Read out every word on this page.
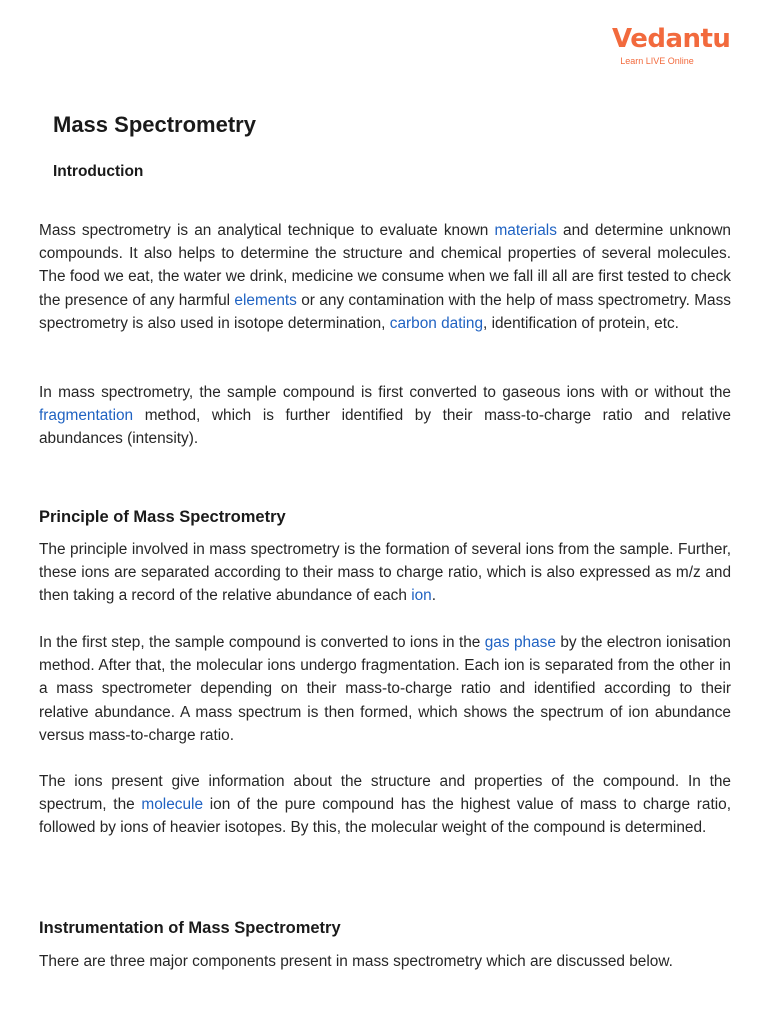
Vedantu
Learn LIVE Online
Mass Spectrometry
Introduction

Mass spectrometry is an analytical technique to evaluate known materials and determine unknown compounds. It also helps to determine the structure and chemical properties of several molecules. The food we eat, the water we drink, medicine we consume when we fall ill all are first tested to check the presence of any harmful elements or any contamination with the help of mass spectrometry. Mass spectrometry is also used in isotope determination, carbon dating, identification of protein, etc.

In mass spectrometry, the sample compound is first converted to gaseous ions with or without the fragmentation method, which is further identified by their mass-to-charge ratio and relative abundances (intensity).

Principle of Mass Spectrometry

The principle involved in mass spectrometry is the formation of several ions from the sample. Further, these ions are separated according to their mass to charge ratio, which is also expressed as m/z and then taking a record of the relative abundance of each ion.

In the first step, the sample compound is converted to ions in the gas phase by the electron ionisation method. After that, the molecular ions undergo fragmentation. Each ion is separated from the other in a mass spectrometer depending on their mass-to-charge ratio and identified according to their relative abundance. A mass spectrum is then formed, which shows the spectrum of ion abundance versus mass-to-charge ratio.

The ions present give information about the structure and properties of the compound. In the spectrum, the molecule ion of the pure compound has the highest value of mass to charge ratio, followed by ions of heavier isotopes. By this, the molecular weight of the compound is determined.

Instrumentation of Mass Spectrometry

There are three major components present in mass spectrometry which are discussed below.
